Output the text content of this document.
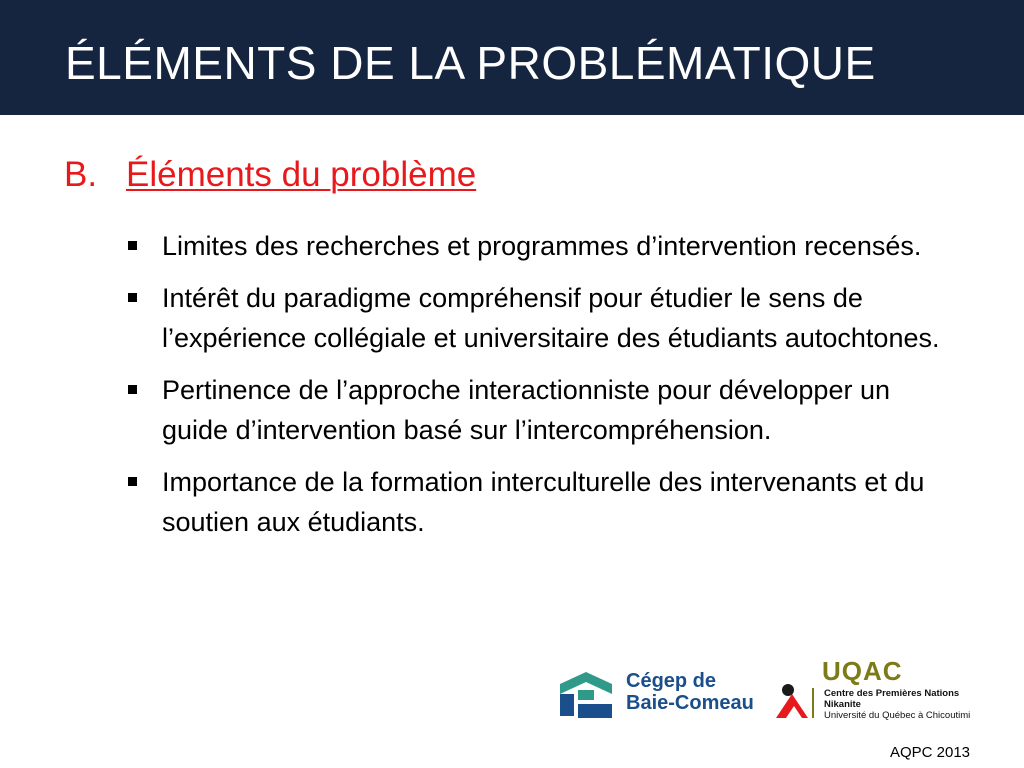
ÉLÉMENTS DE LA PROBLÉMATIQUE
B. Éléments du problème
Limites des recherches et programmes d’intervention recensés.
Intérêt du paradigme compréhensif pour étudier le sens de l’expérience collégiale et universitaire des étudiants autochtones.
Pertinence de l’approche interactionniste pour développer un guide d’intervention basé sur l’intercompréhension.
Importance de la formation interculturelle des intervenants et du soutien aux étudiants.
Cégep de
Baie-Comeau
UQAC
Centre des Premières Nations
Nikanite
Université du Québec à Chicoutimi
AQPC 2013
